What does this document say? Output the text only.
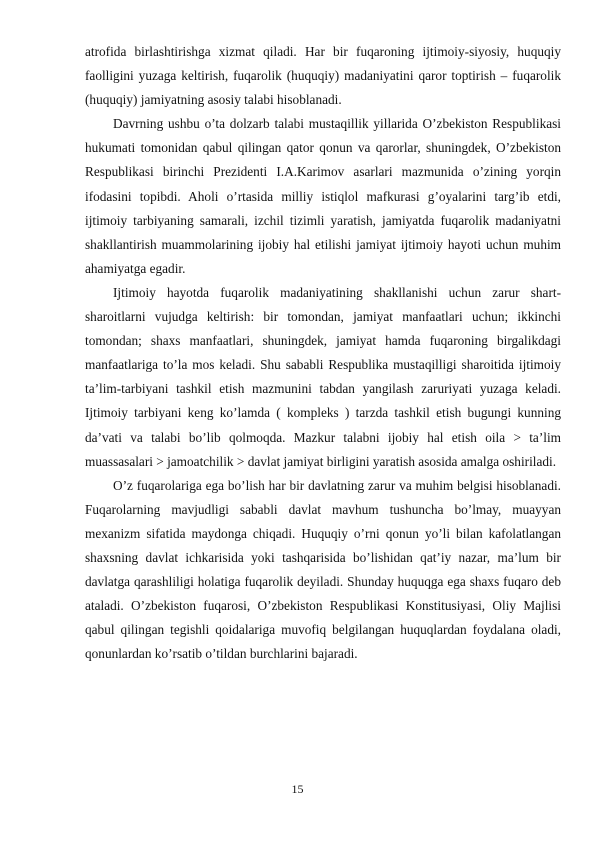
atrofida birlashtirishga xizmat qiladi. Har bir fuqaroning ijtimoiy-siyosiy, huquqiy faolligini yuzaga keltirish, fuqarolik (huquqiy) madaniyatini qaror toptirish – fuqarolik (huquqiy) jamiyatning asosiy talabi hisoblanadi.

Davrning ushbu o’ta dolzarb talabi mustaqillik yillarida O’zbekiston Respublikasi hukumati tomonidan qabul qilingan qator qonun va qarorlar, shuningdek, O’zbekiston Respublikasi birinchi Prezidenti I.A.Karimov asarlari mazmunida o’zining yorqin ifodasini topibdi. Aholi o’rtasida milliy istiqlol mafkurasi g’oyalarini targ’ib etdi, ijtimoiy tarbiyaning samarali, izchil tizimli yaratish, jamiyatda fuqarolik madaniyatni shakllantirish muammolarining ijobiy hal etilishi jamiyat ijtimoiy hayoti uchun muhim ahamiyatga egadir.

Ijtimoiy hayotda fuqarolik madaniyatining shakllanishi uchun zarur shart-sharoitlarni vujudga keltirish: bir tomondan, jamiyat manfaatlari uchun; ikkinchi tomondan; shaxs manfaatlari, shuningdek, jamiyat hamda fuqaroning birgalikdagi manfaatlariga to’la mos keladi. Shu sababli Respublika mustaqilligi sharoitida ijtimoiy ta’lim-tarbiyani tashkil etish mazmunini tabdan yangilash zaruriyati yuzaga keladi. Ijtimoiy tarbiyani keng ko’lamda ( kompleks ) tarzda tashkil etish bugungi kunning da’vati va talabi bo’lib qolmoqda. Mazkur talabni ijobiy hal etish oila > ta’lim muassasalari > jamoatchilik > davlat jamiyat birligini yaratish asosida amalga oshiriladi.

O’z fuqarolariga ega bo’lish har bir davlatning zarur va muhim belgisi hisoblanadi. Fuqarolarning mavjudligi sababli davlat mavhum tushuncha bo’lmay, muayyan mexanizm sifatida maydonga chiqadi. Huquqiy o’rni qonun yo’li bilan kafolatlangan shaxsning davlat ichkarisida yoki tashqarisida bo’lishidan qat’iy nazar, ma’lum bir davlatga qarashliligi holatiga fuqarolik deyiladi. Shunday huquqga ega shaxs fuqaro deb ataladi. O’zbekiston fuqarosi, O’zbekiston Respublikasi Konstitusiyasi, Oliy Majlisi qabul qilingan tegishli qoidalariga muvofiq belgilangan huquqlardan foydalana oladi, qonunlardan ko’rsatib o’tildan burchlarini bajaradi.

15
